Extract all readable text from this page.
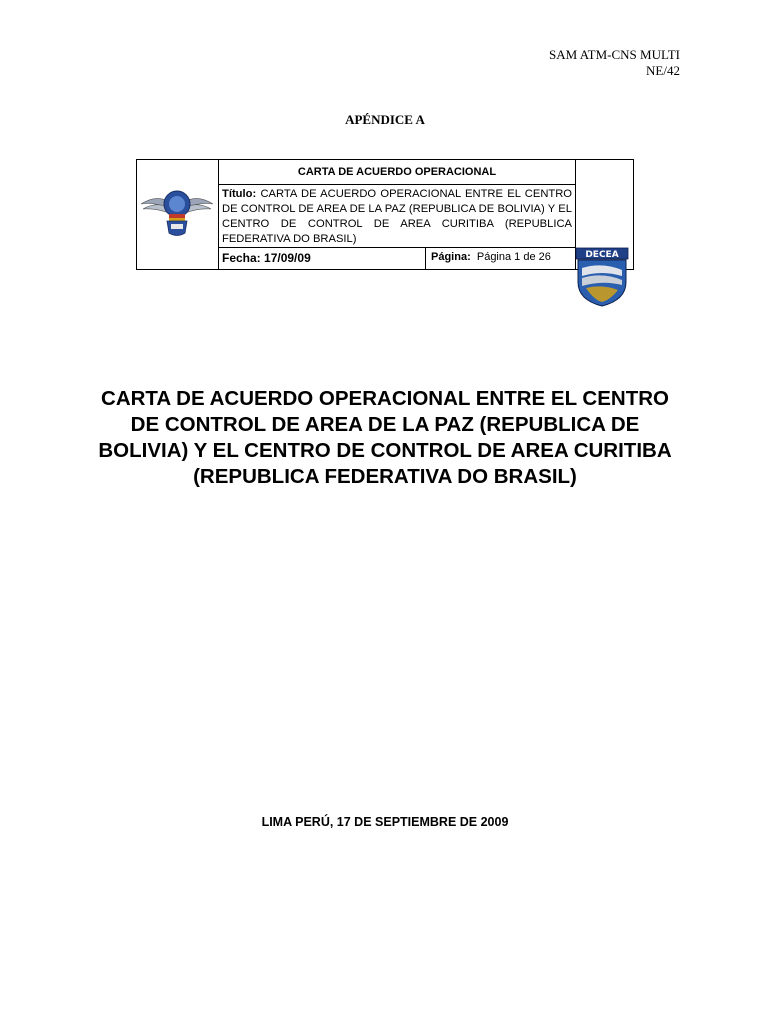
SAM ATM-CNS MULTI
NE/42
APÉNDICE A
CARTA DE ACUERDO OPERACIONAL
Título: CARTA DE ACUERDO OPERACIONAL ENTRE EL CENTRO DE CONTROL DE AREA DE LA PAZ (REPUBLICA DE BOLIVIA) Y EL CENTRO DE CONTROL DE AREA CURITIBA (REPUBLICA FEDERATIVA DO BRASIL)
Fecha: 17/09/09	Página: Página 1 de 26	DECEA
CARTA DE ACUERDO OPERACIONAL ENTRE EL CENTRO DE CONTROL DE AREA DE LA PAZ (REPUBLICA DE BOLIVIA) Y EL CENTRO DE CONTROL DE AREA CURITIBA (REPUBLICA FEDERATIVA DO BRASIL)
LIMA PERÚ, 17 DE SEPTIEMBRE DE 2009
